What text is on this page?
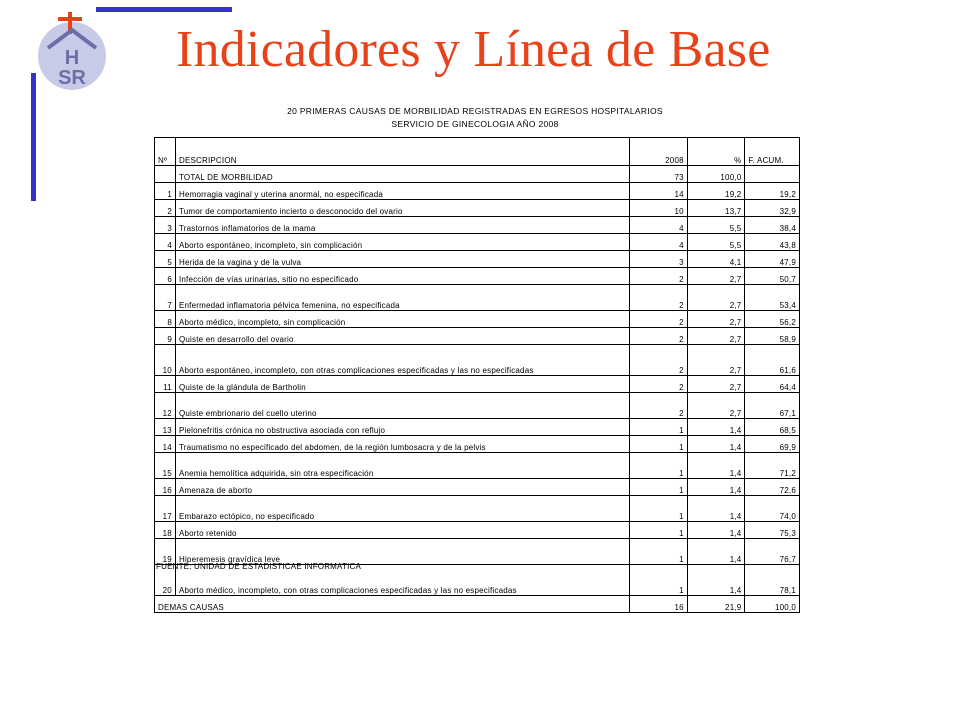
H
SR Indicadores y Línea de Base
20 PRIMERAS CAUSAS DE MORBILIDAD REGISTRADAS EN EGRESOS HOSPITALARIOS
SERVICIO DE GINECOLOGIA AÑO 2008
Nº	DESCRIPCION	2008	%	F. ACUM.
	TOTAL DE MORBILIDAD	73	100,0	
1	Hemorragia vaginal y uterina anormal, no especificada	14	19,2	19,2
2	Tumor de comportamiento incierto o desconocido del ovario	10	13,7	32,9
3	Trastornos inflamatorios de la mama	4	5,5	38,4
4	Aborto espontáneo, incompleto, sin complicación	4	5,5	43,8
5	Herida de la vagina y de la vulva	3	4,1	47,9
6	Infección de vías urinarias, sitio no especificado	2	2,7	50,7
7	Enfermedad inflamatoria pélvica femenina, no especificada	2	2,7	53,4
8	Aborto médico, incompleto, sin complicación	2	2,7	56,2
9	Quiste en desarrollo del ovario	2	2,7	58,9
10	Aborto espontáneo, incompleto, con otras complicaciones especificadas y las no especificadas	2	2,7	61,6
11	Quiste de la glándula de Bartholin	2	2,7	64,4
12	Quiste embrionario del cuello uterino	2	2,7	67,1
13	Pielonefritis crónica no obstructiva asociada con reflujo	1	1,4	68,5
14	Traumatismo no especificado del abdomen, de la región lumbosacra y de la pelvis	1	1,4	69,9
15	Anemia hemolítica adquirida, sin otra especificación	1	1,4	71,2
16	Amenaza de aborto	1	1,4	72,6
17	Embarazo ectópico, no especificado	1	1,4	74,0
18	Aborto retenido	1	1,4	75,3
19	Hiperemesis gravídica leve	1	1,4	76,7
20	Aborto médico, incompleto, con otras complicaciones especificadas y las no especificadas	1	1,4	78,1
DEMAS CAUSAS		16	21,9	100,0
FUENTE: UNIDAD DE ESTADISTICAE INFORMATICA
